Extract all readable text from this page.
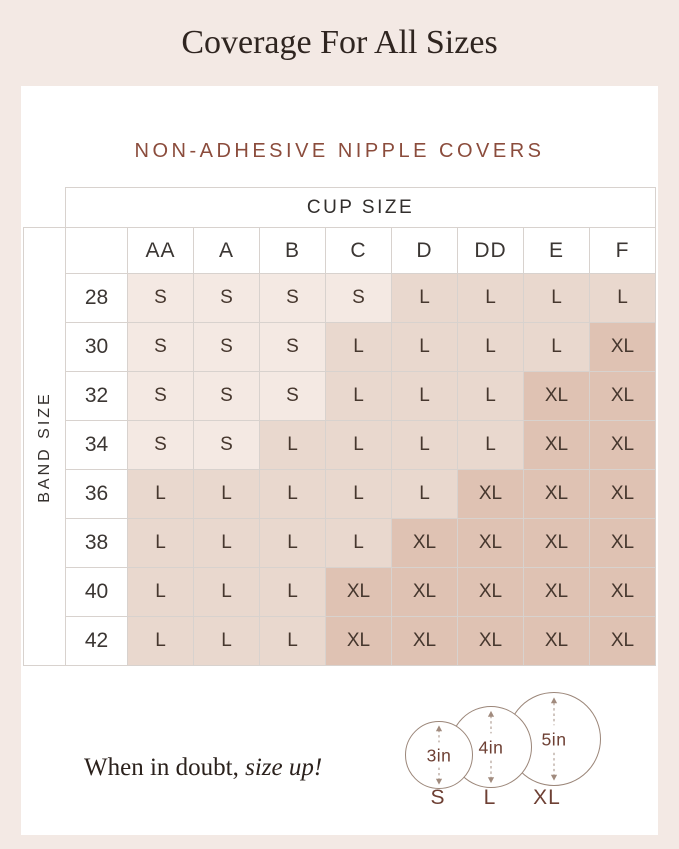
Coverage For All Sizes
NON-ADHESIVE NIPPLE COVERS
	CUP SIZE								

BAND SIZE		AA	A	B	C	D	DD	E	F
	28	S	S	S	S	L	L	L	L
	30	S	S	S	L	L	L	L	XL
	32	S	S	S	L	L	L	XL	XL
	34	S	S	L	L	L	L	XL	XL
	36	L	L	L	L	L	XL	XL	XL
	38	L	L	L	L	XL	XL	XL	XL
	40	L	L	L	XL	XL	XL	XL	XL
	42	L	L	L	XL	XL	XL	XL	XL
When in doubt, size up!
5in
4in
3in
S	L	XL
